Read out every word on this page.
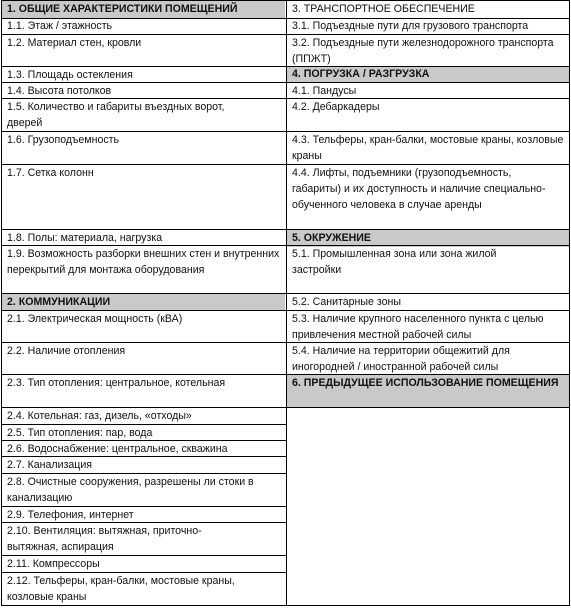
1. ОБЩИЕ ХАРАКТЕРИСТИКИ ПОМЕЩЕНИЙ
2. КОММУНИКАЦИИ
3. ТРАНСПОРТНОЕ ОБЕСПЕЧЕНИЕ
4. ПОГРУЗКА / РАЗГРУЗКА
5. ОКРУЖЕНИЕ
6. ПРЕДЫДУЩЕЕ ИСПОЛЬЗОВАНИЕ ПОМЕЩЕНИЯ
1.1. Этаж / этажность
1.2. Материал стен, кровли
1.3. Площадь остекления
1.4. Высота потолков
1.5. Количество и габариты въездных ворот, дверей
1.6. Грузоподъемность
1.7. Сетка колонн
1.8. Полы: материала, нагрузка
1.9. Возможность разборки внешних стен и внутренних перекрытий для монтажа оборудования
2.1. Электрическая мощность (кВА)
2.2. Наличие отопления
2.3. Тип отопления: центральное, котельная
2.4. Котельная: газ, дизель, «отходы»
2.5. Тип отопления: пар, вода
2.6. Водоснабжение: центральное, скважина
2.7. Канализация
2.8. Очистные сооружения, разрешены ли стоки в канализацию
2.9. Телефония, интернет
2.10. Вентиляция: вытяжная, приточно-вытяжная, аспирация
2.11. Компрессоры
2.12. Тельферы, кран-балки, мостовые краны, козловые краны
3.1. Подъездные пути для грузового транспорта
3.2. Подъездные пути железнодорожного транспорта (ППЖТ)
4.1. Пандусы
4.2. Дебаркадеры
4.3. Тельферы, кран-балки, мостовые краны, козловые краны
4.4. Лифты, подъемники (грузоподъемность, габариты) и их доступность и наличие специально-обученного человека в случае аренды
5.1. Промышленная зона или зона жилой застройки
5.2. Санитарные зоны
5.3. Наличие крупного населенного пункта с целью привлечения местной рабочей силы
5.4. Наличие на территории общежитий для иногородней / иностранной рабочей силы
